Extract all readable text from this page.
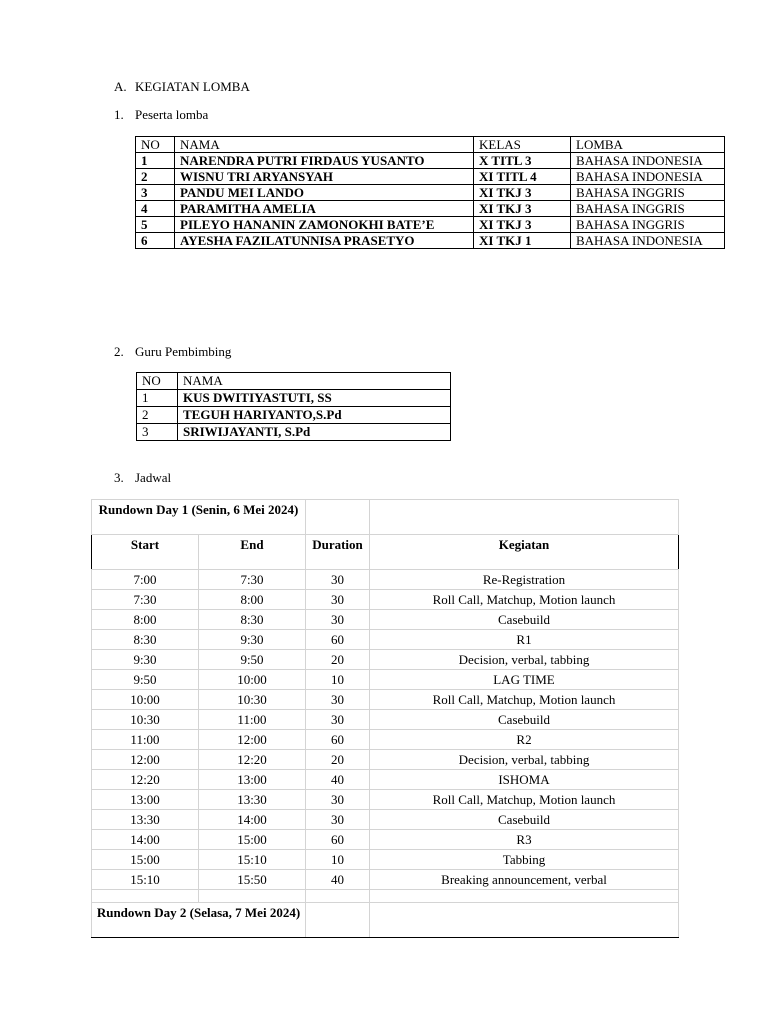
A. KEGIATAN LOMBA
1. Peserta lomba
NO	NAMA	KELAS	LOMBA
1	NARENDRA PUTRI FIRDAUS YUSANTO	X TITL 3	BAHASA INDONESIA
2	WISNU TRI ARYANSYAH	XI TITL 4	BAHASA INDONESIA
3	PANDU MEI LANDO	XI TKJ 3	BAHASA INGGRIS
4	PARAMITHA AMELIA	XI TKJ 3	BAHASA INGGRIS
5	PILEYO HANANIN ZAMONOKHI BATE’E	XI TKJ 3	BAHASA INGGRIS
6	AYESHA FAZILATUNNISA PRASETYO	XI TKJ 1	BAHASA INDONESIA
2. Guru Pembimbing
NO	NAMA
1	KUS DWITIYASTUTI, SS
2	TEGUH HARIYANTO,S.Pd
3	SRIWIJAYANTI, S.Pd
3. Jadwal
Rundown Day 1 (Senin, 6 Mei 2024)			
Start	End	Duration	Kegiatan
7:00	7:30	30	Re-Registration
7:30	8:00	30	Roll Call, Matchup, Motion launch
8:00	8:30	30	Casebuild
8:30	9:30	60	R1
9:30	9:50	20	Decision, verbal, tabbing
9:50	10:00	10	LAG TIME
10:00	10:30	30	Roll Call, Matchup, Motion launch
10:30	11:00	30	Casebuild
11:00	12:00	60	R2
12:00	12:20	20	Decision, verbal, tabbing
12:20	13:00	40	ISHOMA
13:00	13:30	30	Roll Call, Matchup, Motion launch
13:30	14:00	30	Casebuild
14:00	15:00	60	R3
15:00	15:10	10	Tabbing
15:10	15:50	40	Breaking announcement, verbal

Rundown Day 2 (Selasa, 7 Mei 2024)			
